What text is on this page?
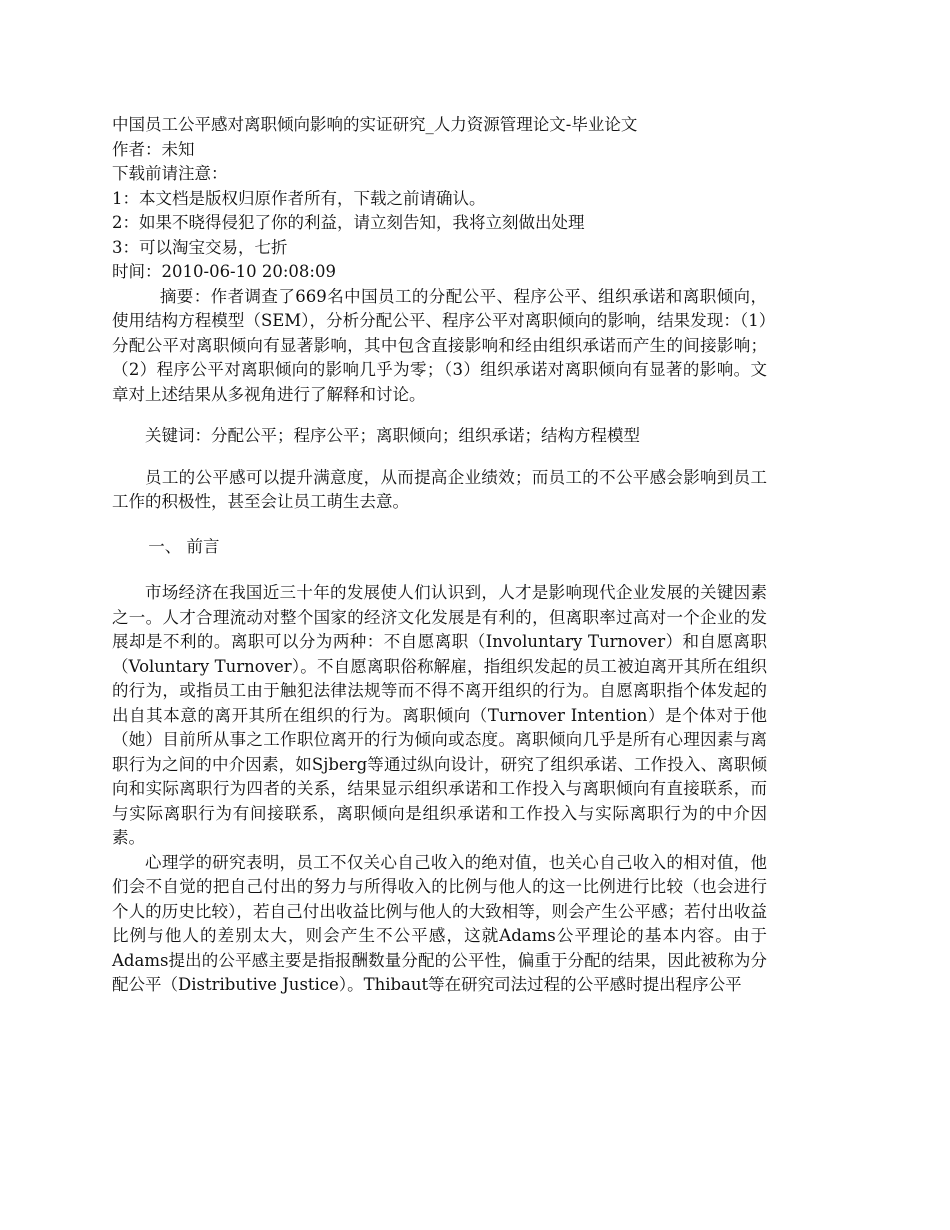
中国员工公平感对离职倾向影响的实证研究_人力资源管理论文-毕业论文
作者：未知
下载前请注意：
1：本文档是版权归原作者所有，下载之前请确认。
2：如果不晓得侵犯了你的利益，请立刻告知，我将立刻做出处理
3：可以淘宝交易，七折
时间：2010-06-10 20:08:09

摘要：作者调查了669名中国员工的分配公平、程序公平、组织承诺和离职倾向，使用结构方程模型（SEM），分析分配公平、程序公平对离职倾向的影响，结果发现：（1）分配公平对离职倾向有显著影响，其中包含直接影响和经由组织承诺而产生的间接影响；（2）程序公平对离职倾向的影响几乎为零；（3）组织承诺对离职倾向有显著的影响。文章对上述结果从多视角进行了解释和讨论。

关键词：分配公平；程序公平；离职倾向；组织承诺；结构方程模型

员工的公平感可以提升满意度，从而提高企业绩效；而员工的不公平感会影响到员工工作的积极性，甚至会让员工萌生去意。

一、 前言

市场经济在我国近三十年的发展使人们认识到，人才是影响现代企业发展的关键因素之一。人才合理流动对整个国家的经济文化发展是有利的，但离职率过高对一个企业的发展却是不利的。离职可以分为两种：不自愿离职（Involuntary Turnover）和自愿离职（Voluntary Turnover）。不自愿离职俗称解雇，指组织发起的员工被迫离开其所在组织的行为，或指员工由于触犯法律法规等而不得不离开组织的行为。自愿离职指个体发起的出自其本意的离开其所在组织的行为。离职倾向（Turnover Intention）是个体对于他（她）目前所从事之工作职位离开的行为倾向或态度。离职倾向几乎是所有心理因素与离职行为之间的中介因素，如Sjberg等通过纵向设计，研究了组织承诺、工作投入、离职倾向和实际离职行为四者的关系，结果显示组织承诺和工作投入与离职倾向有直接联系，而与实际离职行为有间接联系，离职倾向是组织承诺和工作投入与实际离职行为的中介因素。

心理学的研究表明，员工不仅关心自己收入的绝对值，也关心自己收入的相对值，他们会不自觉的把自己付出的努力与所得收入的比例与他人的这一比例进行比较（也会进行个人的历史比较），若自己付出收益比例与他人的大致相等，则会产生公平感；若付出收益比例与他人的差别太大，则会产生不公平感，这就Adams公平理论的基本内容。由于Adams提出的公平感主要是指报酬数量分配的公平性，偏重于分配的结果，因此被称为分配公平（Distributive Justice）。Thibaut等在研究司法过程的公平感时提出程序公平
